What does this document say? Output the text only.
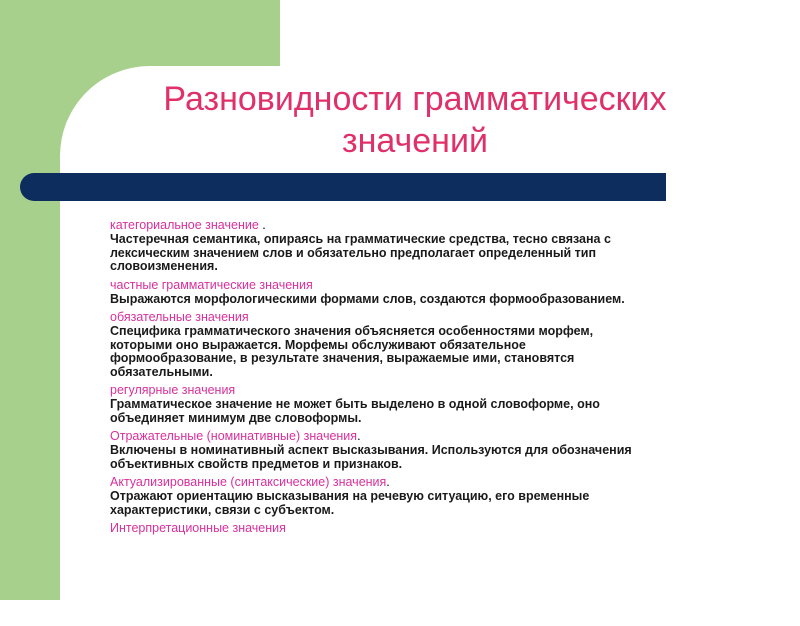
Разновидности грамматических
значений

категориальное значение .

Частеречная семантика, опираясь на грамматические средства, тесно связана с
лексическим значением слов и обязательно предполагает определенный тип
словоизменения.

частные грамматические значения

Выражаются морфологическими формами слов, создаются формообразованием.

обязательные значения

Специфика грамматического значения объясняется особенностями морфем,
которыми оно выражается. Морфемы обслуживают обязательное
формообразование, в результате значения, выражаемые ими, становятся
обязательными.

регулярные значения

Грамматическое значение не может быть выделено в одной словоформе, оно
объединяет минимум две словоформы.

Отражательные (номинативные) значения.

Включены в номинативный аспект высказывания. Используются для обозначения
объективных свойств предметов и признаков.

Актуализированные (синтаксические) значения.

Отражают ориентацию высказывания на речевую ситуацию, его временные
характеристики, связи с субъектом.

Интерпретационные значения
